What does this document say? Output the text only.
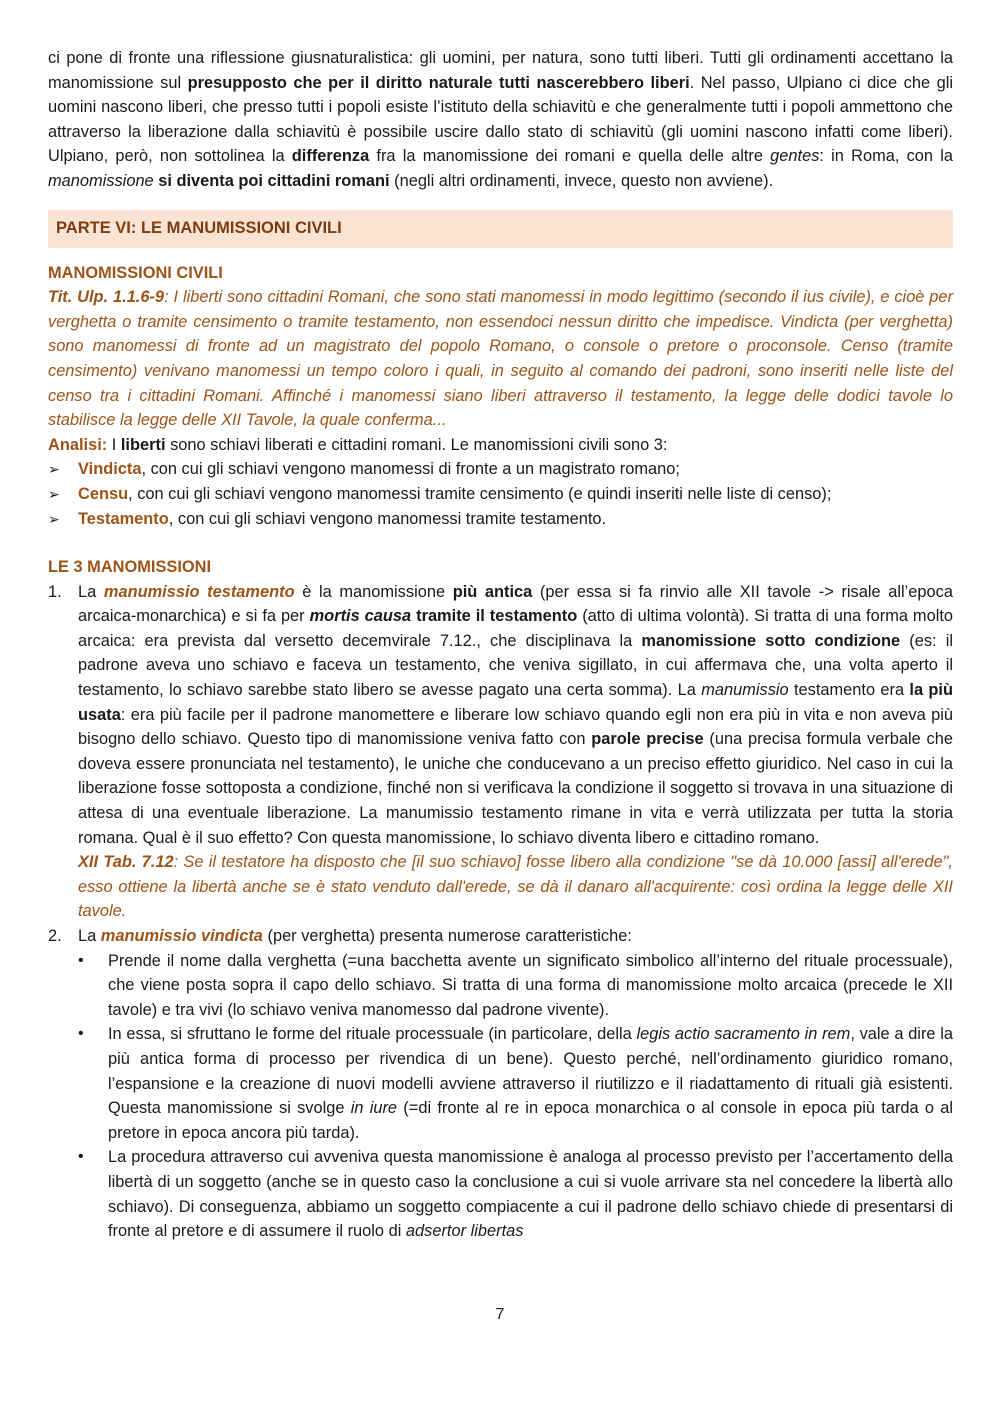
ci pone di fronte una riflessione giusnaturalistica: gli uomini, per natura, sono tutti liberi. Tutti gli ordinamenti accettano la manomissione sul presupposto che per il diritto naturale tutti nascerebbero liberi. Nel passo, Ulpiano ci dice che gli uomini nascono liberi, che presso tutti i popoli esiste l’istituto della schiavitù e che generalmente tutti i popoli ammettono che attraverso la liberazione dalla schiavitù è possibile uscire dallo stato di schiavitù (gli uomini nascono infatti come liberi). Ulpiano, però, non sottolinea la differenza fra la manomissione dei romani e quella delle altre gentes: in Roma, con la manomissione si diventa poi cittadini romani (negli altri ordinamenti, invece, questo non avviene).

PARTE VI: LE MANUMISSIONI CIVILI
MANOMISSIONI CIVILI

Tit. Ulp. 1.1.6-9: I liberti sono cittadini Romani, che sono stati manomessi in modo legittimo (secondo il ius civile), e cioè per verghetta o tramite censimento o tramite testamento, non essendoci nessun diritto che impedisce. Vindicta (per verghetta) sono manomessi di fronte ad un magistrato del popolo Romano, o console o pretore o proconsole. Censo (tramite censimento) venivano manomessi un tempo coloro i quali, in seguito al comando dei padroni, sono inseriti nelle liste del censo tra i cittadini Romani. Affinché i manomessi siano liberi attraverso il testamento, la legge delle dodici tavole lo stabilisce la legge delle XII Tavole, la quale conferma...

Analisi: I liberti sono schiavi liberati e cittadini romani. Le manomissioni civili sono 3:

➢	Vindicta, con cui gli schiavi vengono manomessi di fronte a un magistrato romano;
➢	Censu, con cui gli schiavi vengono manomessi tramite censimento (e quindi inseriti nelle liste di censo);
➢	Testamento, con cui gli schiavi vengono manomessi tramite testamento.
LE 3 MANOMISSIONI
1. La manumissio testamento è la manomissione più antica (per essa si fa rinvio alle XII tavole -> risale all’epoca arcaica-monarchica) e si fa per mortis causa tramite il testamento (atto di ultima volontà). Si tratta di una forma molto arcaica: era prevista dal versetto decemvirale 7.12., che disciplinava la manomissione sotto condizione (es: il padrone aveva uno schiavo e faceva un testamento, che veniva sigillato, in cui affermava che, una volta aperto il testamento, lo schiavo sarebbe stato libero se avesse pagato una certa somma). La manumissio testamento era la più usata: era più facile per il padrone manomettere e liberare low schiavo quando egli non era più in vita e non aveva più bisogno dello schiavo. Questo tipo di manomissione veniva fatto con parole precise (una precisa formula verbale che doveva essere pronunciata nel testamento), le uniche che conducevano a un preciso effetto giuridico. Nel caso in cui la liberazione fosse sottoposta a condizione, finché non si verificava la condizione il soggetto si trovava in una situazione di attesa di una eventuale liberazione. La manumissio testamento rimane in vita e verrà utilizzata per tutta la storia romana. Qual è il suo effetto? Con questa manomissione, lo schiavo diventa libero e cittadino romano.

XII Tab. 7.12: Se il testatore ha disposto che [il suo schiavo] fosse libero alla condizione "se dà 10.000 [assi] all'erede", esso ottiene la libertà anche se è stato venduto dall'erede, se dà il danaro all'acquirente: così ordina la legge delle XII tavole.

2. La manumissio vindicta (per verghetta) presenta numerose caratteristiche:

•	Prende il nome dalla verghetta (=una bacchetta avente un significato simbolico all’interno del rituale processuale), che viene posta sopra il capo dello schiavo. Si tratta di una forma di manomissione molto arcaica (precede le XII tavole) e tra vivi (lo schiavo veniva manomesso dal padrone vivente).

•	In essa, si sfruttano le forme del rituale processuale (in particolare, della legis actio sacramento in rem, vale a dire la più antica forma di processo per rivendica di un bene). Questo perché, nell’ordinamento giuridico romano, l’espansione e la creazione di nuovi modelli avviene attraverso il riutilizzo e il riadattamento di rituali già esistenti. Questa manomissione si svolge in iure (=di fronte al re in epoca monarchica o al console in epoca più tarda o al pretore in epoca ancora più tarda).

•	La procedura attraverso cui avveniva questa manomissione è analoga al processo previsto per l’accertamento della libertà di un soggetto (anche se in questo caso la conclusione a cui si vuole arrivare sta nel concedere la libertà allo schiavo). Di conseguenza, abbiamo un soggetto compiacente a cui il padrone dello schiavo chiede di presentarsi di fronte al pretore e di assumere il ruolo di adsertor libertas

7
